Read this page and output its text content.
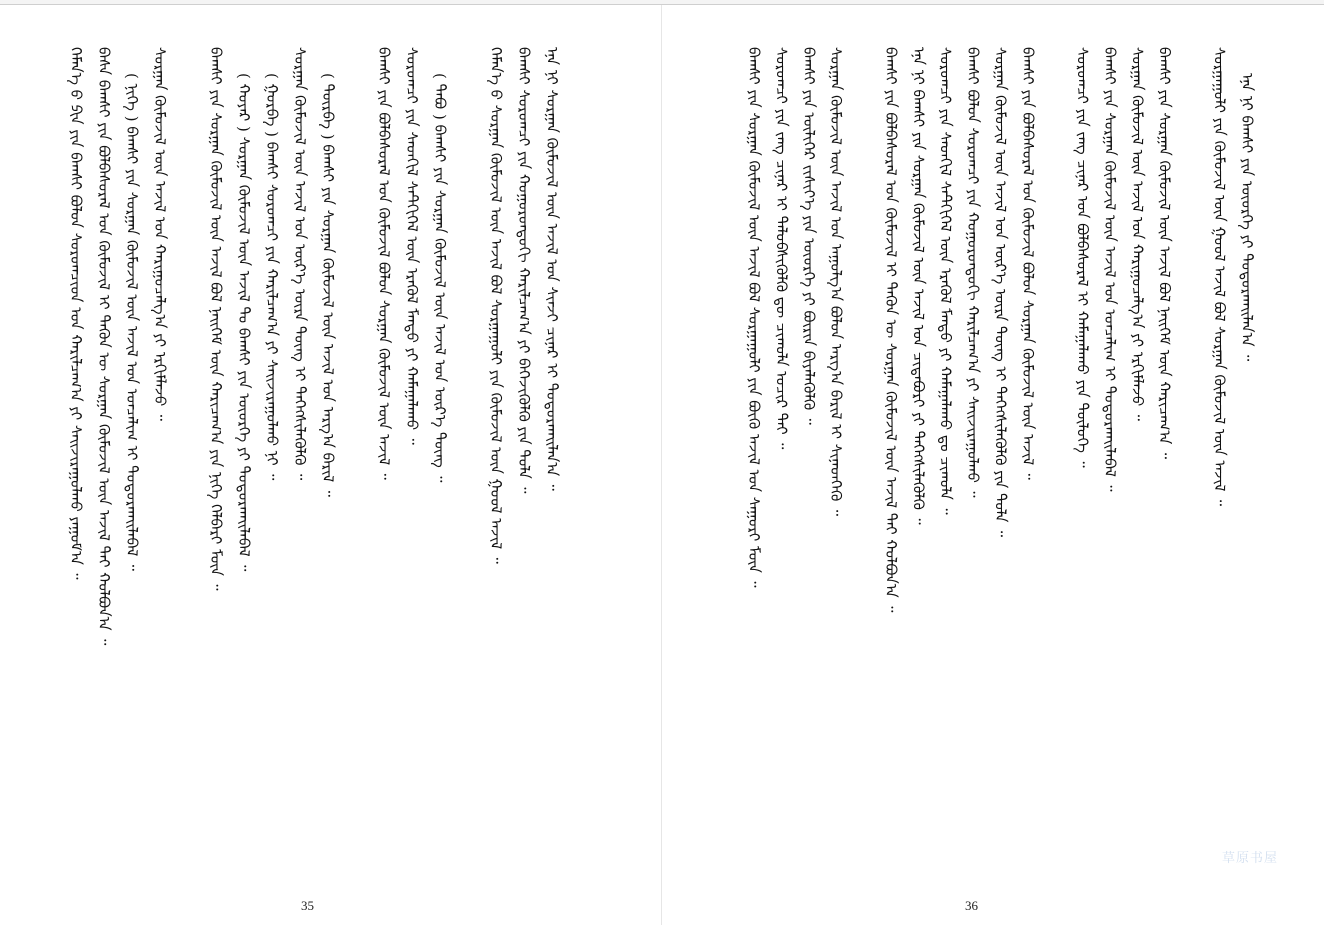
ᠬᠡᠮᠡᠨ᠎ᠡ ᠪ ᠫᠢᠨ ᠶᠢᠨ ᠪᠠᠭᠰᠢ ᠪᠣᠯᠤᠨ ᠰᠤᠷᠤᠭᠴᠢᠳ ᠤᠨ ᠬᠠᠷᠢᠯᠴᠠᠭ᠎ᠠ ᠶᠢ ᠰᠠᠢᠵᠢᠷᠠᠭᠤᠯᠬᠤ ᠶᠠᠭᠤᠮ᠎ᠠ ᠃ ᠪᠠᠰᠠ ᠪᠠᠭᠰᠢ ᠶᠢᠨ ᠪᠣᠯᠪᠠᠰᠤᠷᠠᠯ ᠤᠨ ᠬᠦᠮᠦᠵᠢᠯ ᠢ ᠲᠡᠭᠦᠨ ᠦ ᠰᠤᠷᠭᠠᠨ ᠬᠦᠮᠦᠵᠢᠯ ᠦᠨ ᠠᠵᠢᠯ ᠲᠠᠢ ᠬᠣᠯᠪᠣᠨ᠎ᠠ ᠃ ( ᠨᠢᠭᠡ ) ᠪᠠᠭᠰᠢ ᠶᠢᠨ ᠰᠤᠷᠭᠠᠨ ᠬᠦᠮᠦᠵᠢᠯ ᠦᠨ ᠠᠵᠢᠯ ᠤᠨ ᠣᠨᠴᠠᠯᠢᠭ ᠢ ᠲᠣᠳᠣᠷᠬᠠᠢᠯᠠᠪᠠᠯ ᠃ ᠰᠤᠷᠭᠠᠨ ᠬᠦᠮᠦᠵᠢᠯ ᠦᠨ ᠠᠵᠢᠯ ᠤᠨ ᠬᠠᠷᠢᠭᠤᠴᠠᠯᠭ᠎ᠠ ᠶᠢ ᠡᠷᠬᠢᠮᠯᠡᠵᠦ ᠃	ᠪᠠᠭᠰᠢ ᠶᠢᠨ ᠰᠤᠷᠭᠠᠨ ᠬᠦᠮᠦᠵᠢᠯ ᠦᠨ ᠠᠵᠢᠯ ᠪᠣᠯ ᠨᠡᠢᠭᠡᠮ ᠦᠨ ᠬᠠᠷᠢᠴᠠᠭ᠎ᠠ ᠶᠢᠨ ᠨᠢᠭᠡ ᠬᠡᠯᠪᠡᠷᠢ ᠮᠥᠨ ᠃ ( ᠬᠣᠶᠠᠷ ) ᠰᠤᠷᠭᠠᠨ ᠬᠦᠮᠦᠵᠢᠯ ᠦᠨ ᠠᠵᠢᠯ ᠲᠤ ᠪᠠᠭᠰᠢ ᠶᠢᠨ ᠦᠦᠷᠭᠡ ᠶᠢ ᠲᠣᠳᠣᠷᠬᠠᠢᠯᠠᠪᠠᠯ ᠃ ( ᠭᠤᠷᠪᠠ ) ᠪᠠᠭᠰᠢ ᠰᠤᠷᠤᠭᠴᠢ ᠶᠢᠨ ᠬᠠᠷᠢᠯᠴᠠᠭ᠎ᠠ ᠶᠢ ᠰᠠᠢᠵᠢᠷᠠᠭᠤᠯᠬᠤ ᠨᠢ ᠃ ᠰᠤᠷᠭᠠᠨ ᠬᠦᠮᠦᠵᠢᠯ ᠦᠨ ᠠᠵᠢᠯ ᠤᠨ ᠦᠷ᠎ᠡ ᠦᠷᠡ ᠳᠦᠩ ᠢ ᠳᠡᠭᠡᠭᠰᠢᠯᠡᠭᠦᠯᠬᠦ ᠃ ( ᠳᠥᠷᠪᠡ ) ᠪᠠᠭᠰᠢ ᠶᠢᠨ ᠰᠤᠷᠭᠠᠨ ᠬᠦᠮᠦᠵᠢᠯ ᠦᠨ ᠠᠵᠢᠯ ᠤᠨ ᠠᠷᠭ᠎ᠠ ᠪᠠᠷᠢᠯ ᠃	ᠪᠠᠭᠰᠢ ᠶᠢᠨ ᠪᠣᠯᠪᠠᠰᠤᠷᠠᠯ ᠤᠨ ᠬᠦᠮᠦᠵᠢᠯ ᠪᠣᠯᠤᠨ ᠰᠤᠷᠭᠠᠨ ᠬᠦᠮᠦᠵᠢᠯ ᠦᠨ ᠠᠵᠢᠯ ᠃ ᠰᠤᠷᠤᠭᠴᠢ ᠶᠢᠨ ᠰᠡᠳᠬᠢᠯ ᠰᠡᠲᠬᠢᠭᠡᠯ ᠦᠨ ᠡᠷᠡᠭᠦᠯ ᠮᠡᠨᠳᠦ ᠶᠢ ᠬᠠᠮᠠᠭᠠᠯᠠᠬᠤ ᠃ ( ᠲᠠᠪᠤ ) ᠪᠠᠭᠰᠢ ᠶᠢᠨ ᠰᠤᠷᠭᠠᠨ ᠬᠦᠮᠦᠵᠢᠯ ᠦᠨ ᠠᠵᠢᠯ ᠤᠨ ᠦᠷ᠎ᠡ ᠳᠦᠩ ᠃	ᠬᠡᠮᠡᠨ᠎ᠡ ᠪ ᠰᠤᠷᠭᠠᠨ ᠬᠦᠮᠦᠵᠢᠯ ᠦᠨ ᠠᠵᠢᠯ ᠪᠣᠯ ᠰᠤᠷᠭᠠᠭᠤᠯᠢ ᠶᠢᠨ ᠬᠦᠮᠦᠵᠢᠯ ᠦᠨ ᠭᠣᠣᠯ ᠠᠵᠢᠯ ᠃ ᠪᠠᠭᠰᠢ ᠰᠤᠷᠤᠭᠴᠢ ᠶᠢᠨ ᠬᠣᠭᠣᠷᠤᠨᠳᠤᠬᠢ ᠬᠠᠷᠢᠯᠴᠠᠭ᠎ᠠ ᠶᠢ ᠪᠡᠬᠡᠵᠢᠭᠦᠯᠬᠦ ᠶᠢᠨ ᠲᠤᠯᠠ ᠃ ᠡᠨᠡ ᠨᠢ ᠰᠤᠷᠭᠠᠨ ᠬᠦᠮᠦᠵᠢᠯ ᠦᠨ ᠠᠵᠢᠯ ᠤᠨ ᠰᠢᠨᠵᠢ ᠴᠢᠨᠠᠷ ᠢ ᠲᠣᠳᠣᠷᠬᠠᠢᠯᠠᠨ᠎ᠠ ᠃
35
ᠪᠠᠭᠰᠢ ᠶᠢᠨ ᠰᠤᠷᠭᠠᠨ ᠬᠦᠮᠦᠵᠢᠯ ᠦᠨ ᠠᠵᠢᠯ ᠪᠣᠯ ᠰᠤᠷᠭᠠᠭᠤᠯᠢ ᠶᠢᠨ ᠪᠦᠬᠦ ᠠᠵᠢᠯ ᠤᠨ ᠰᠠᠭᠤᠷᠢ ᠮᠥᠨ ᠃ ᠰᠤᠷᠤᠭᠴᠢ ᠶᠢᠨ ᠵᠠᠩ ᠴᠢᠨᠠᠷ ᠢ ᠲᠡᠯᠦᠪᠰᠢᠭᠦᠯᠬᠦ ᠳᠦ ᠴᠢᠬᠤᠯᠠ ᠤᠴᠢᠷ ᠲᠠᠢ ᠃ ᠪᠠᠭᠰᠢ ᠶᠢᠨ ᠦᠯᠢᠭᠡᠷ ᠵᠢᠱᠢᠶ᠎ᠡ ᠶᠢᠨ ᠦᠦᠷᠭᠡ ᠶᠢ ᠪᠦᠷᠢᠨ ᠪᠢᠶᠡᠯᠡᠭᠦᠯᠬᠦ ᠃ ᠰᠤᠷᠭᠠᠨ ᠬᠦᠮᠦᠵᠢᠯ ᠦᠨ ᠠᠵᠢᠯ ᠤᠨ ᠠᠭᠤᠯᠭ᠎ᠠ ᠪᠣᠯᠤᠨ ᠠᠷᠭ᠎ᠠ ᠪᠠᠷᠢᠯ ᠢ ᠰᠢᠨᠡᠳᠬᠡᠬᠦ ᠃	ᠪᠠᠭᠰᠢ ᠶᠢᠨ ᠪᠣᠯᠪᠠᠰᠤᠷᠠᠯ ᠤᠨ ᠬᠦᠮᠦᠵᠢᠯ ᠢ ᠲᠡᠭᠦᠨ ᠦ ᠰᠤᠷᠭᠠᠨ ᠬᠦᠮᠦᠵᠢᠯ ᠦᠨ ᠠᠵᠢᠯ ᠲᠠᠢ ᠬᠣᠯᠪᠣᠨ᠎ᠠ ᠃ ᠡᠨᠡ ᠨᠢ ᠪᠠᠭᠰᠢ ᠶᠢᠨ ᠰᠤᠷᠭᠠᠨ ᠬᠦᠮᠦᠵᠢᠯ ᠦᠨ ᠠᠵᠢᠯ ᠤᠨ ᠴᠢᠳᠠᠪᠤᠷᠢ ᠶᠢ ᠳᠡᠭᠡᠭᠰᠢᠯᠡᠭᠦᠯᠬᠦ ᠃ ᠰᠤᠷᠤᠭᠴᠢ ᠶᠢᠨ ᠰᠡᠳᠬᠢᠯ ᠰᠡᠲᠬᠢᠭᠡᠯ ᠦᠨ ᠡᠷᠡᠭᠦᠯ ᠮᠡᠨᠳᠦ ᠶᠢ ᠬᠠᠮᠠᠭᠠᠯᠠᠬᠤ ᠳᠤ ᠴᠢᠬᠤᠯᠠ ᠃ ᠪᠠᠭᠰᠢ ᠪᠣᠯᠤᠨ ᠰᠤᠷᠤᠭᠴᠢ ᠶᠢᠨ ᠬᠣᠭᠣᠷᠤᠨᠳᠤᠬᠢ ᠬᠠᠷᠢᠯᠴᠠᠭ᠎ᠠ ᠶᠢ ᠰᠠᠢᠵᠢᠷᠠᠭᠤᠯᠬᠤ ᠃ ᠰᠤᠷᠭᠠᠨ ᠬᠦᠮᠦᠵᠢᠯ ᠦᠨ ᠠᠵᠢᠯ ᠤᠨ ᠦᠷ᠎ᠡ ᠦᠷᠡ ᠳᠦᠩ ᠢ ᠳᠡᠭᠡᠭᠰᠢᠯᠡᠭᠦᠯᠬᠦ ᠶᠢᠨ ᠲᠤᠯᠠ ᠃ ᠪᠠᠭᠰᠢ ᠶᠢᠨ ᠪᠣᠯᠪᠠᠰᠤᠷᠠᠯ ᠤᠨ ᠬᠦᠮᠦᠵᠢᠯ ᠪᠣᠯᠤᠨ ᠰᠤᠷᠭᠠᠨ ᠬᠦᠮᠦᠵᠢᠯ ᠦᠨ ᠠᠵᠢᠯ ᠃	ᠰᠤᠷᠤᠭᠴᠢ ᠶᠢᠨ ᠵᠠᠩ ᠴᠢᠨᠠᠷ ᠤᠨ ᠪᠣᠯᠪᠠᠰᠤᠷᠠᠯ ᠢ ᠬᠠᠮᠠᠭᠠᠯᠠᠬᠤ ᠶᠢᠨ ᠲᠥᠯᠦᠭᠡ ᠃ ᠪᠠᠭᠰᠢ ᠶᠢᠨ ᠰᠤᠷᠭᠠᠨ ᠬᠦᠮᠦᠵᠢᠯ ᠦᠨ ᠠᠵᠢᠯ ᠤᠨ ᠣᠨᠴᠠᠯᠢᠭ ᠢ ᠲᠣᠳᠣᠷᠬᠠᠢᠯᠠᠪᠠᠯ ᠃ ᠰᠤᠷᠭᠠᠨ ᠬᠦᠮᠦᠵᠢᠯ ᠦᠨ ᠠᠵᠢᠯ ᠤᠨ ᠬᠠᠷᠢᠭᠤᠴᠠᠯᠭ᠎ᠠ ᠶᠢ ᠡᠷᠬᠢᠮᠯᠡᠵᠦ ᠃ ᠪᠠᠭᠰᠢ ᠶᠢᠨ ᠰᠤᠷᠭᠠᠨ ᠬᠦᠮᠦᠵᠢᠯ ᠦᠨ ᠠᠵᠢᠯ ᠪᠣᠯ ᠨᠡᠢᠭᠡᠮ ᠦᠨ ᠬᠠᠷᠢᠴᠠᠭ᠎ᠠ ᠃	ᠰᠤᠷᠭᠠᠭᠤᠯᠢ ᠶᠢᠨ ᠬᠦᠮᠦᠵᠢᠯ ᠦᠨ ᠭᠣᠣᠯ ᠠᠵᠢᠯ ᠪᠣᠯ ᠰᠤᠷᠭᠠᠨ ᠬᠦᠮᠦᠵᠢᠯ ᠦᠨ ᠠᠵᠢᠯ ᠃ ᠡᠨᠡ ᠨᠢ ᠪᠠᠭᠰᠢ ᠶᠢᠨ ᠦᠦᠷᠭᠡ ᠶᠢ ᠲᠣᠳᠣᠷᠬᠠᠢᠯᠠᠨ᠎ᠠ ᠃
36
草原书屋
